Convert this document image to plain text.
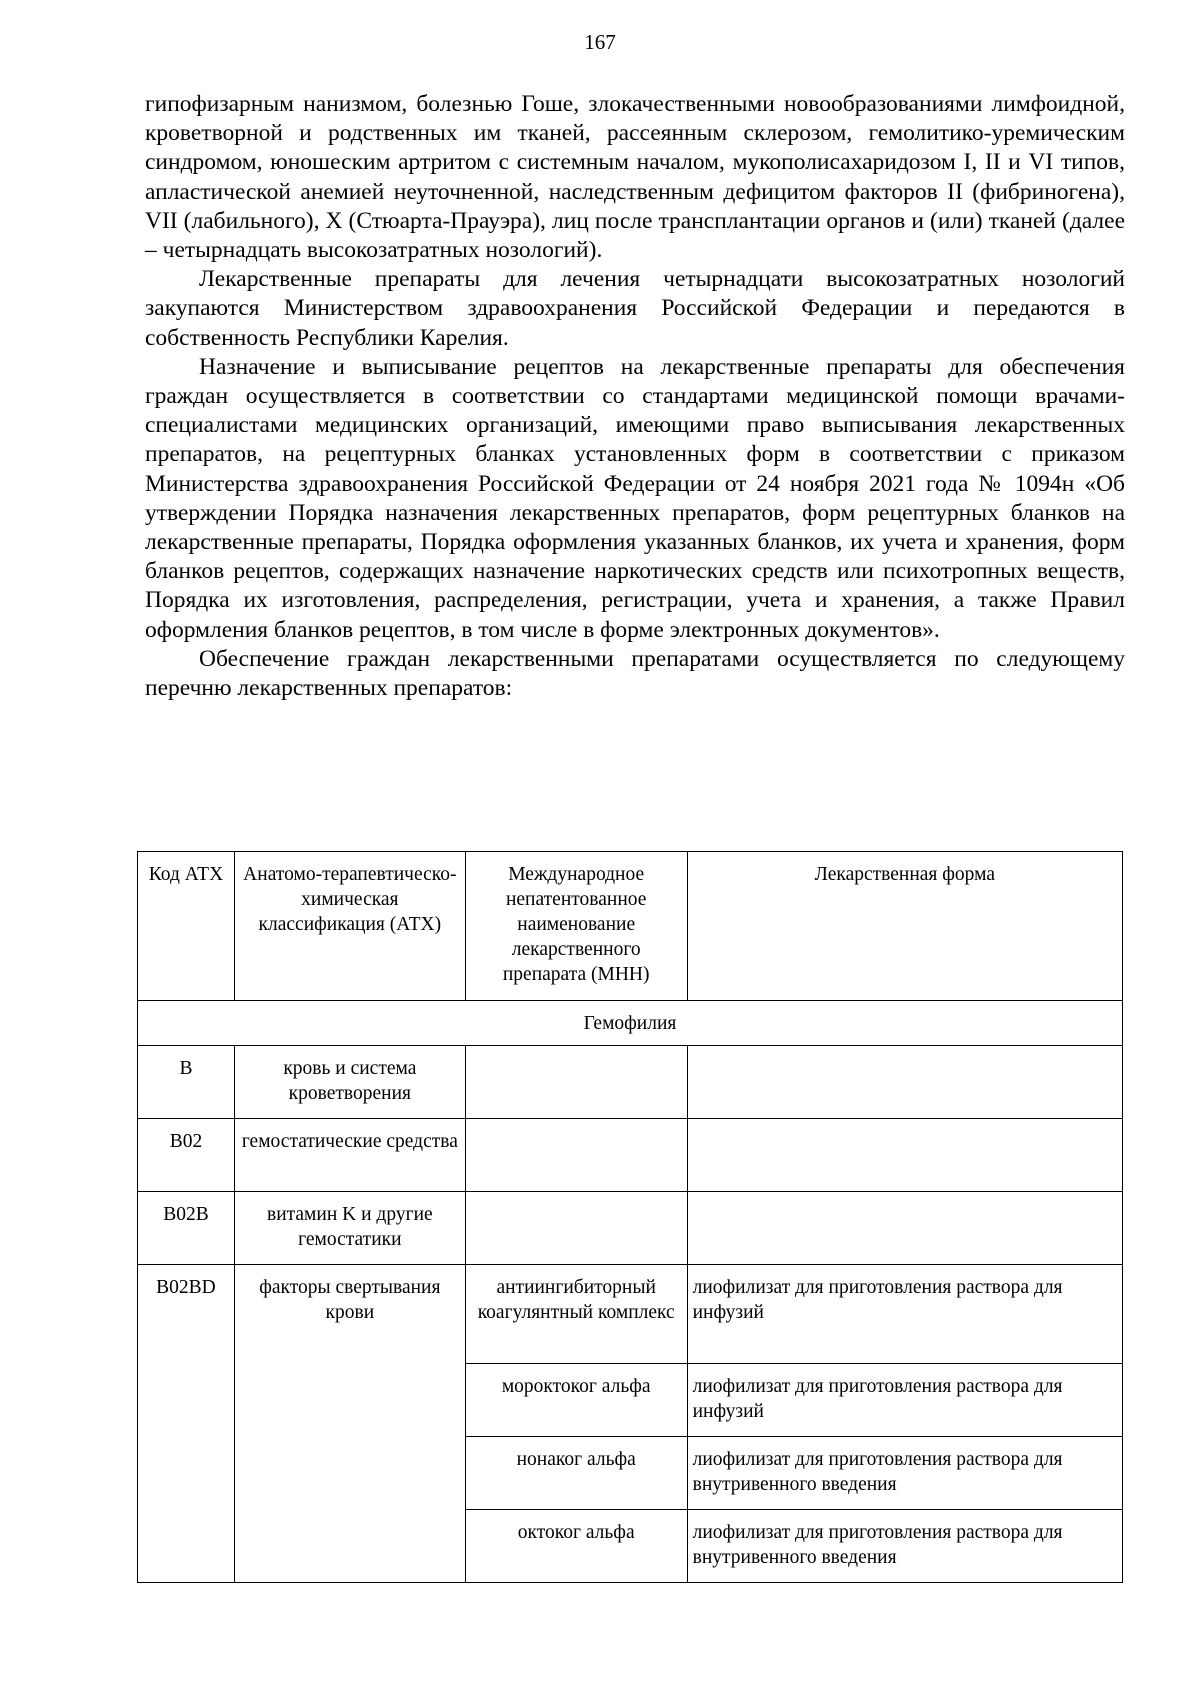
167

гипофизарным нанизмом, болезнью Гоше, злокачественными новообразованиями лимфоидной, кроветворной и родственных им тканей, рассеянным склерозом, гемолитико-уремическим синдромом, юношеским артритом с системным началом, мукополисахаридозом I, II и VI типов, апластической анемией неуточненной, наследственным дефицитом факторов II (фибриногена), VII (лабильного), X (Стюарта-Прауэра), лиц после трансплантации органов и (или) тканей (далее – четырнадцать высокозатратных нозологий).

Лекарственные препараты для лечения четырнадцати высокозатратных нозологий закупаются Министерством здравоохранения Российской Федерации и передаются в собственность Республики Карелия.

Назначение и выписывание рецептов на лекарственные препараты для обеспечения граждан осуществляется в соответствии со стандартами медицинской помощи врачами-специалистами медицинских организаций, имеющими право выписывания лекарственных препаратов, на рецептурных бланках установленных форм в соответствии с приказом Министерства здравоохранения Российской Федерации от 24 ноября 2021 года № 1094н «Об утверждении Порядка назначения лекарственных препаратов, форм рецептурных бланков на лекарственные препараты, Порядка оформления указанных бланков, их учета и хранения, форм бланков рецептов, содержащих назначение наркотических средств или психотропных веществ, Порядка их изготовления, распределения, регистрации, учета и хранения, а также Правил оформления бланков рецептов, в том числе в форме электронных документов».

Обеспечение граждан лекарственными препаратами осуществляется по следующему перечню лекарственных препаратов:

Код АТХ	Анатомо-терапевтическо-химическая классификация (АТХ)	Международное непатентованное наименование лекарственного препарата (МНН)	Лекарственная форма
Гемофилия			
B	кровь и система кроветворения		
B02	гемостатические средства		
B02B	витамин K и другие гемостатики		
B02BD	факторы свертывания крови	антиингибиторный коагулянтный комплекс	лиофилизат для приготовления раствора для инфузий
		мороктоког альфа	лиофилизат для приготовления раствора для инфузий
		нонаког альфа	лиофилизат для приготовления раствора для внутривенного введения
		октоког альфа	лиофилизат для приготовления раствора для внутривенного введения
